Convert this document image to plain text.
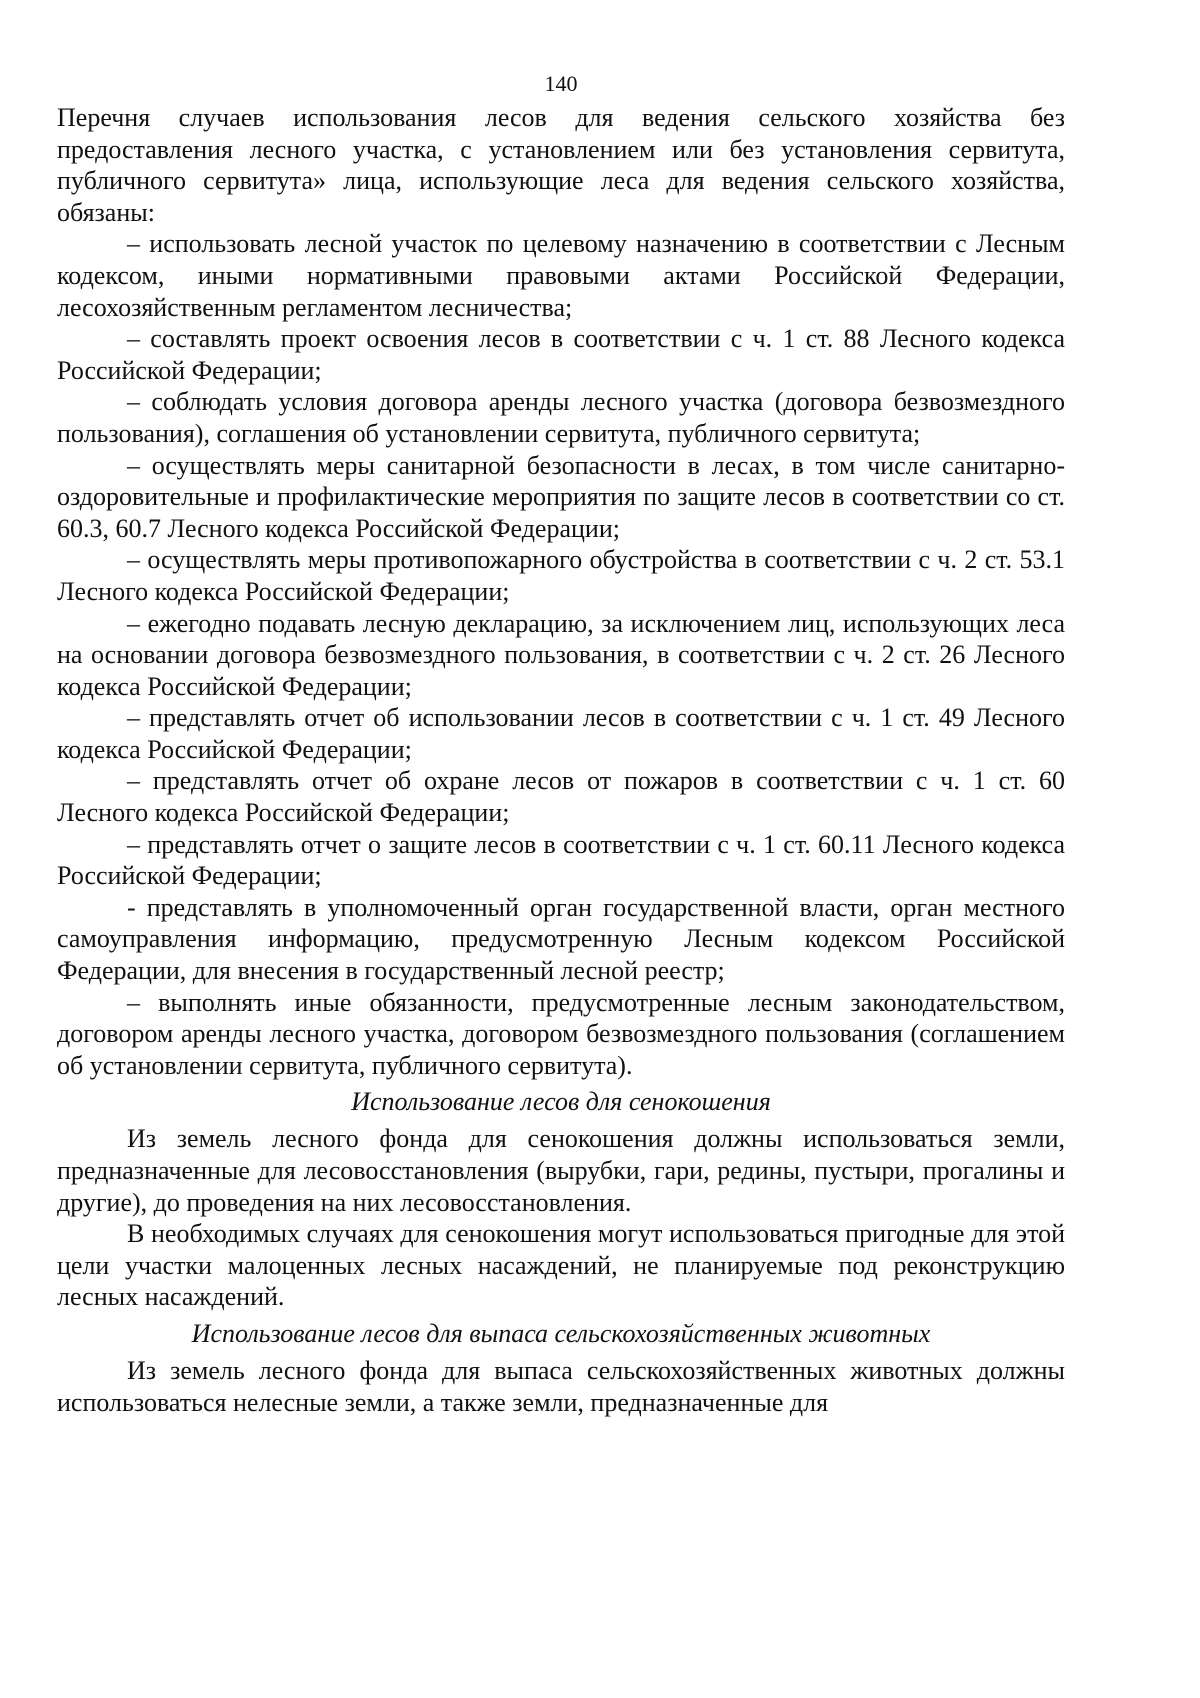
140

Перечня случаев использования лесов для ведения сельского хозяйства без предоставления лесного участка, с установлением или без установления сервитута, публичного сервитута» лица, использующие леса для ведения сельского хозяйства, обязаны:

– использовать лесной участок по целевому назначению в соответствии с Лесным кодексом, иными нормативными правовыми актами Российской Федерации, лесохозяйственным регламентом лесничества;

– составлять проект освоения лесов в соответствии с ч. 1 ст. 88 Лесного кодекса Российской Федерации;

– соблюдать условия договора аренды лесного участка (договора безвозмездного пользования), соглашения об установлении сервитута, публичного сервитута;

– осуществлять меры санитарной безопасности в лесах, в том числе санитарно-оздоровительные и профилактические мероприятия по защите лесов в соответствии со ст. 60.3, 60.7 Лесного кодекса Российской Федерации;

– осуществлять меры противопожарного обустройства в соответствии с ч. 2 ст. 53.1 Лесного кодекса Российской Федерации;

– ежегодно подавать лесную декларацию, за исключением лиц, использующих леса на основании договора безвозмездного пользования, в соответствии с ч. 2 ст. 26 Лесного кодекса Российской Федерации;

– представлять отчет об использовании лесов в соответствии с ч. 1 ст. 49 Лесного кодекса Российской Федерации;

– представлять отчет об охране лесов от пожаров в соответствии с ч. 1 ст. 60 Лесного кодекса Российской Федерации;

– представлять отчет о защите лесов в соответствии с ч. 1 ст. 60.11 Лесного кодекса Российской Федерации;

- представлять в уполномоченный орган государственной власти, орган местного самоуправления информацию, предусмотренную Лесным кодексом Российской Федерации, для внесения в государственный лесной реестр;

– выполнять иные обязанности, предусмотренные лесным законодательством, договором аренды лесного участка, договором безвозмездного пользования (соглашением об установлении сервитута, публичного сервитута).

Использование лесов для сенокошения

Из земель лесного фонда для сенокошения должны использоваться земли, предназначенные для лесовосстановления (вырубки, гари, редины, пустыри, прогалины и другие), до проведения на них лесовосстановления.

В необходимых случаях для сенокошения могут использоваться пригодные для этой цели участки малоценных лесных насаждений, не планируемые под реконструкцию лесных насаждений.

Использование лесов для выпаса сельскохозяйственных животных

Из земель лесного фонда для выпаса сельскохозяйственных животных должны использоваться нелесные земли, а также земли, предназначенные для
